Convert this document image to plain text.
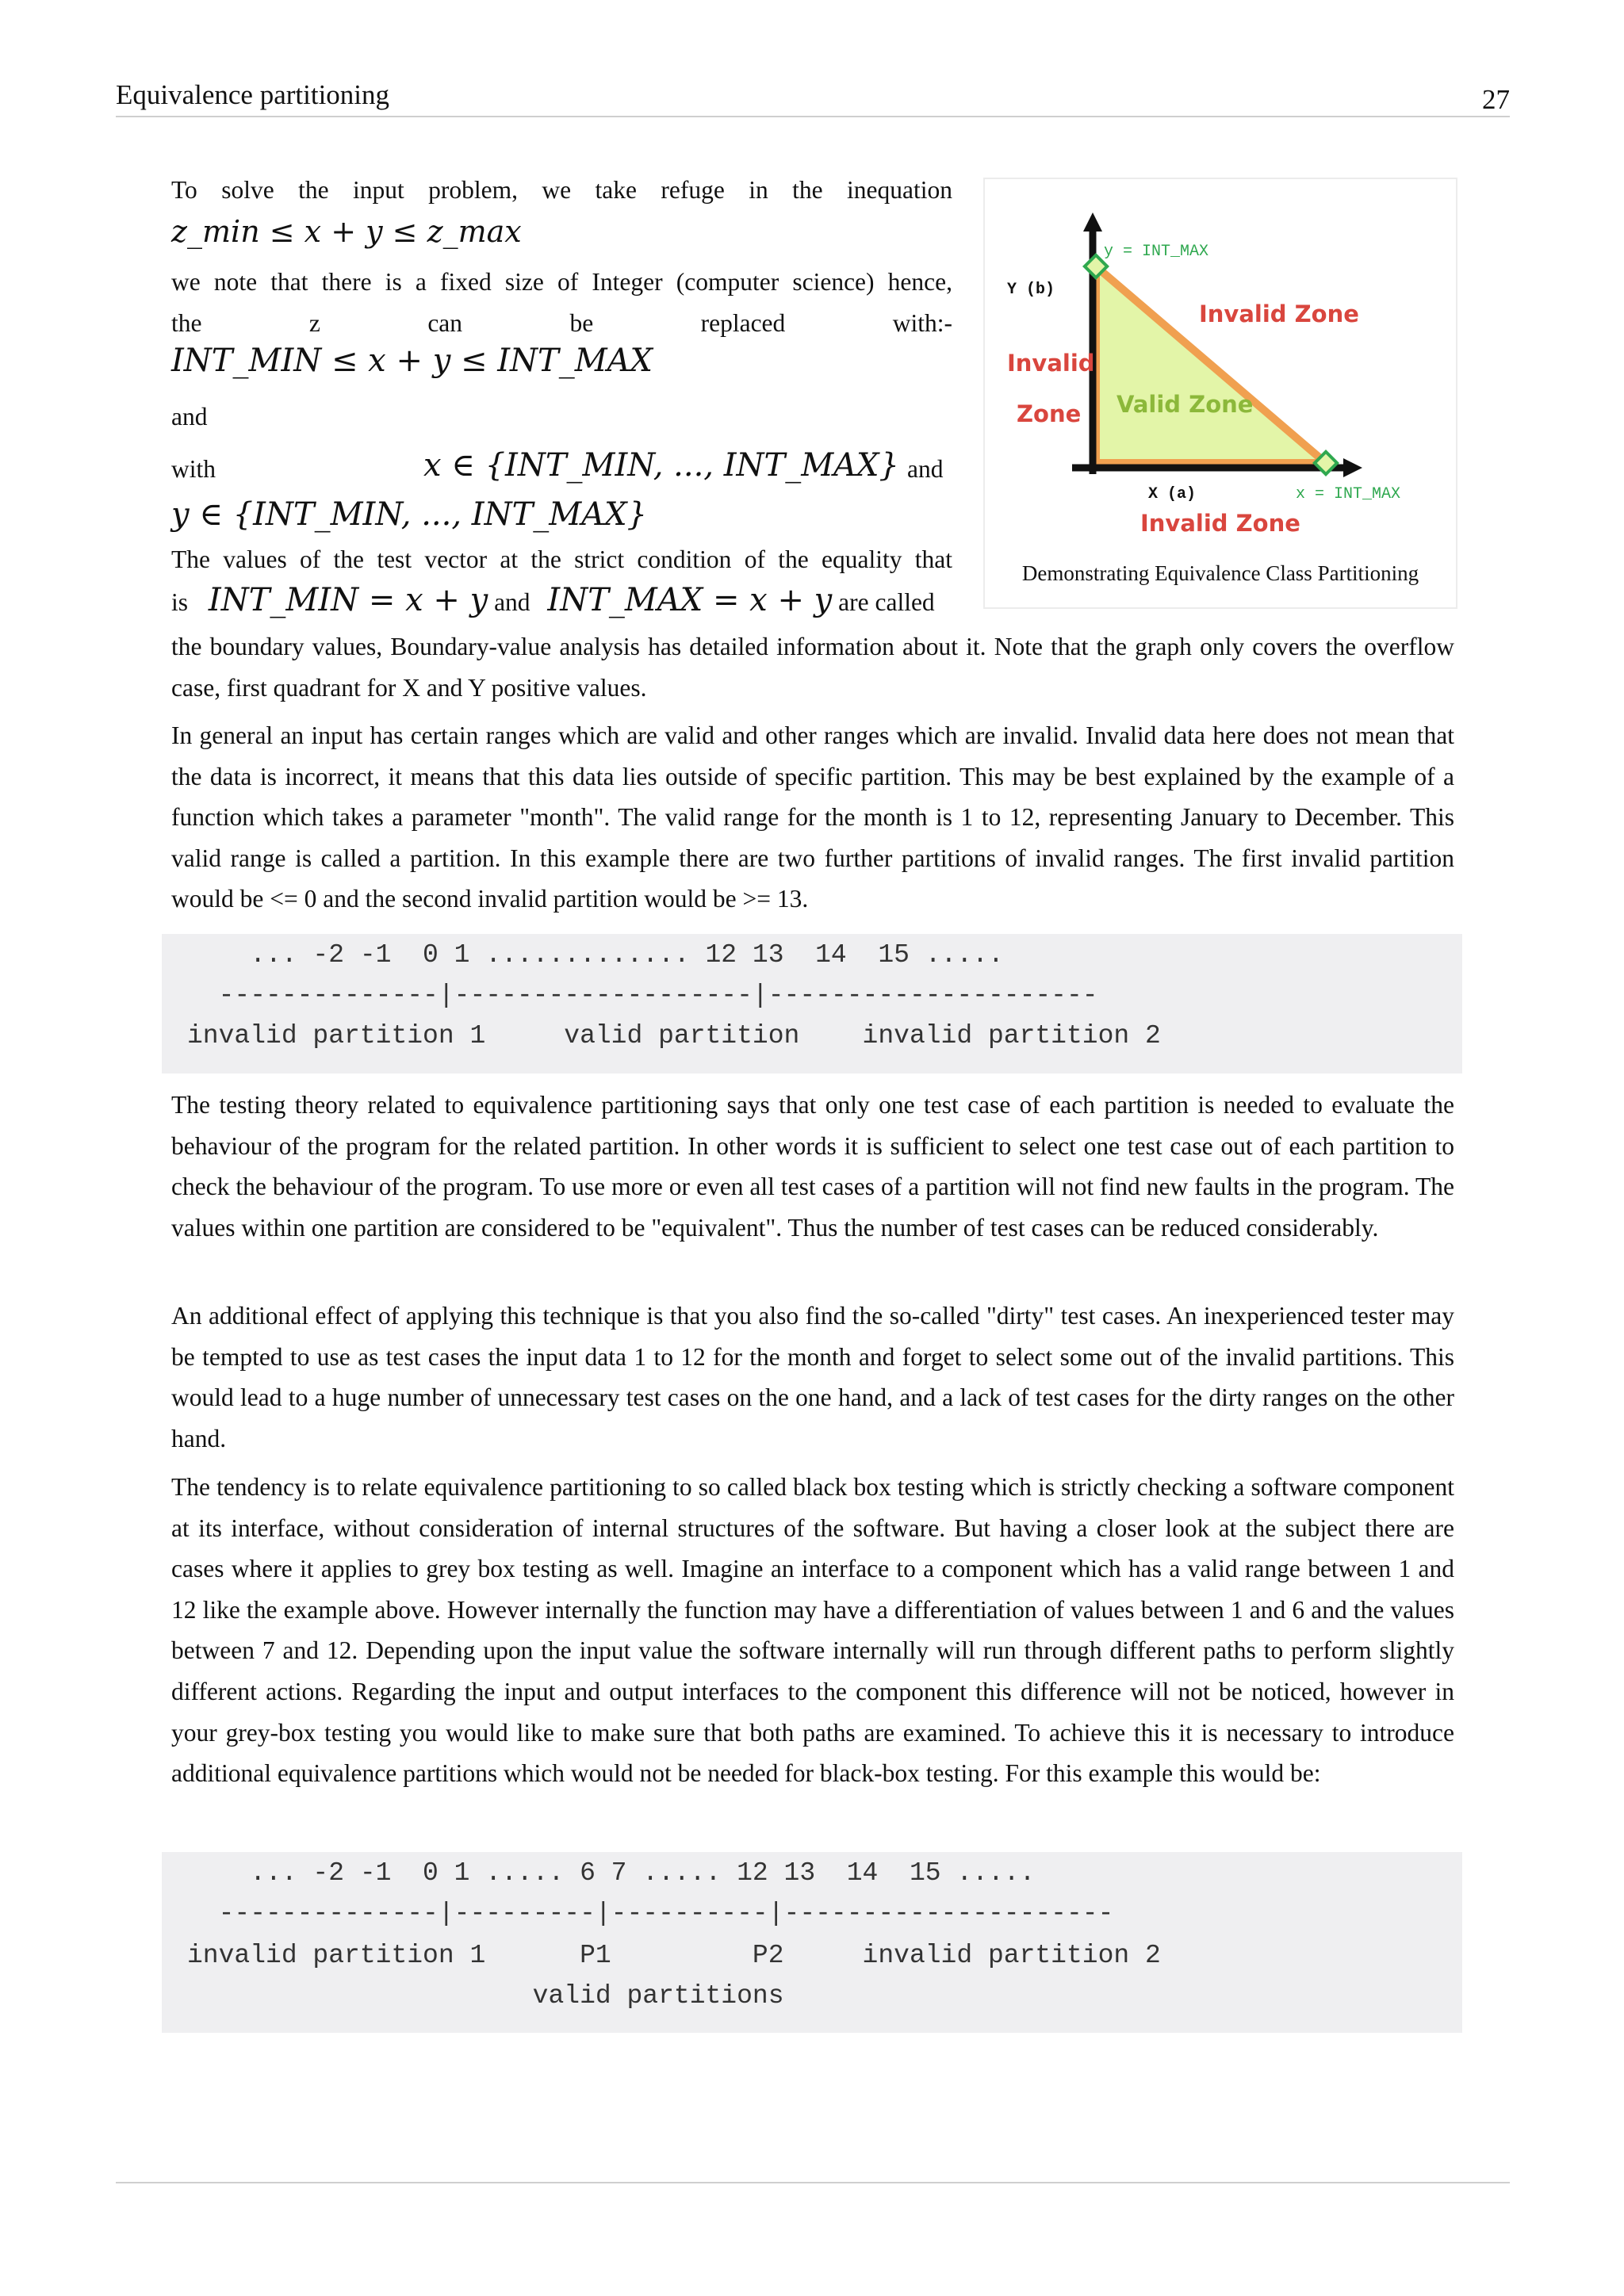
Equivalence partitioning	27
To solve the input problem, we take refuge in the inequation
z_min ≤ x + y ≤ z_max
we note that there is a fixed size of Integer (computer science) hence,
the	z	can	be	replaced	with:-
INT_MIN ≤ x + y ≤ INT_MAX
and
with	x ∈ {INT_MIN, ..., INT_MAX} and
y ∈ {INT_MIN, ..., INT_MAX}
The values of the test vector at the strict condition of the equality that
is INT_MIN = x + y and INT_MAX = x + y are called

the boundary values, Boundary-value analysis has detailed information about it. Note that the graph only covers the overflow case, first quadrant for X and Y positive values.

y = INT_MAX
Y (b)
Invalid Zone
Invalid
Zone Valid Zone
X (a)	x = INT_MAX
Invalid Zone
Demonstrating Equivalence Class Partitioning

In general an input has certain ranges which are valid and other ranges which are invalid. Invalid data here does not mean that the data is incorrect, it means that this data lies outside of specific partition. This may be best explained by the example of a function which takes a parameter "month". The valid range for the month is 1 to 12, representing January to December. This valid range is called a partition. In this example there are two further partitions of invalid ranges. The first invalid partition would be <= 0 and the second invalid partition would be >= 13.

... -2 -1  0 1 ............. 12 13  14  15 .....
--------------|-------------------|---------------------
invalid partition 1     valid partition    invalid partition 2

The testing theory related to equivalence partitioning says that only one test case of each partition is needed to evaluate the behaviour of the program for the related partition. In other words it is sufficient to select one test case out of each partition to check the behaviour of the program. To use more or even all test cases of a partition will not find new faults in the program. The values within one partition are considered to be "equivalent". Thus the number of test cases can be reduced considerably.

An additional effect of applying this technique is that you also find the so-called "dirty" test cases. An inexperienced tester may be tempted to use as test cases the input data 1 to 12 for the month and forget to select some out of the invalid partitions. This would lead to a huge number of unnecessary test cases on the one hand, and a lack of test cases for the dirty ranges on the other hand.

The tendency is to relate equivalence partitioning to so called black box testing which is strictly checking a software component at its interface, without consideration of internal structures of the software. But having a closer look at the subject there are cases where it applies to grey box testing as well. Imagine an interface to a component which has a valid range between 1 and 12 like the example above. However internally the function may have a differentiation of values between 1 and 6 and the values between 7 and 12. Depending upon the input value the software internally will run through different paths to perform slightly different actions. Regarding the input and output interfaces to the component this difference will not be noticed, however in your grey-box testing you would like to make sure that both paths are examined. To achieve this it is necessary to introduce additional equivalence partitions which would not be needed for black-box testing. For this example this would be:

... -2 -1  0 1 ..... 6 7 ..... 12 13  14  15 .....
--------------|---------|----------|---------------------
invalid partition 1      P1         P2     invalid partition 2
valid partitions
